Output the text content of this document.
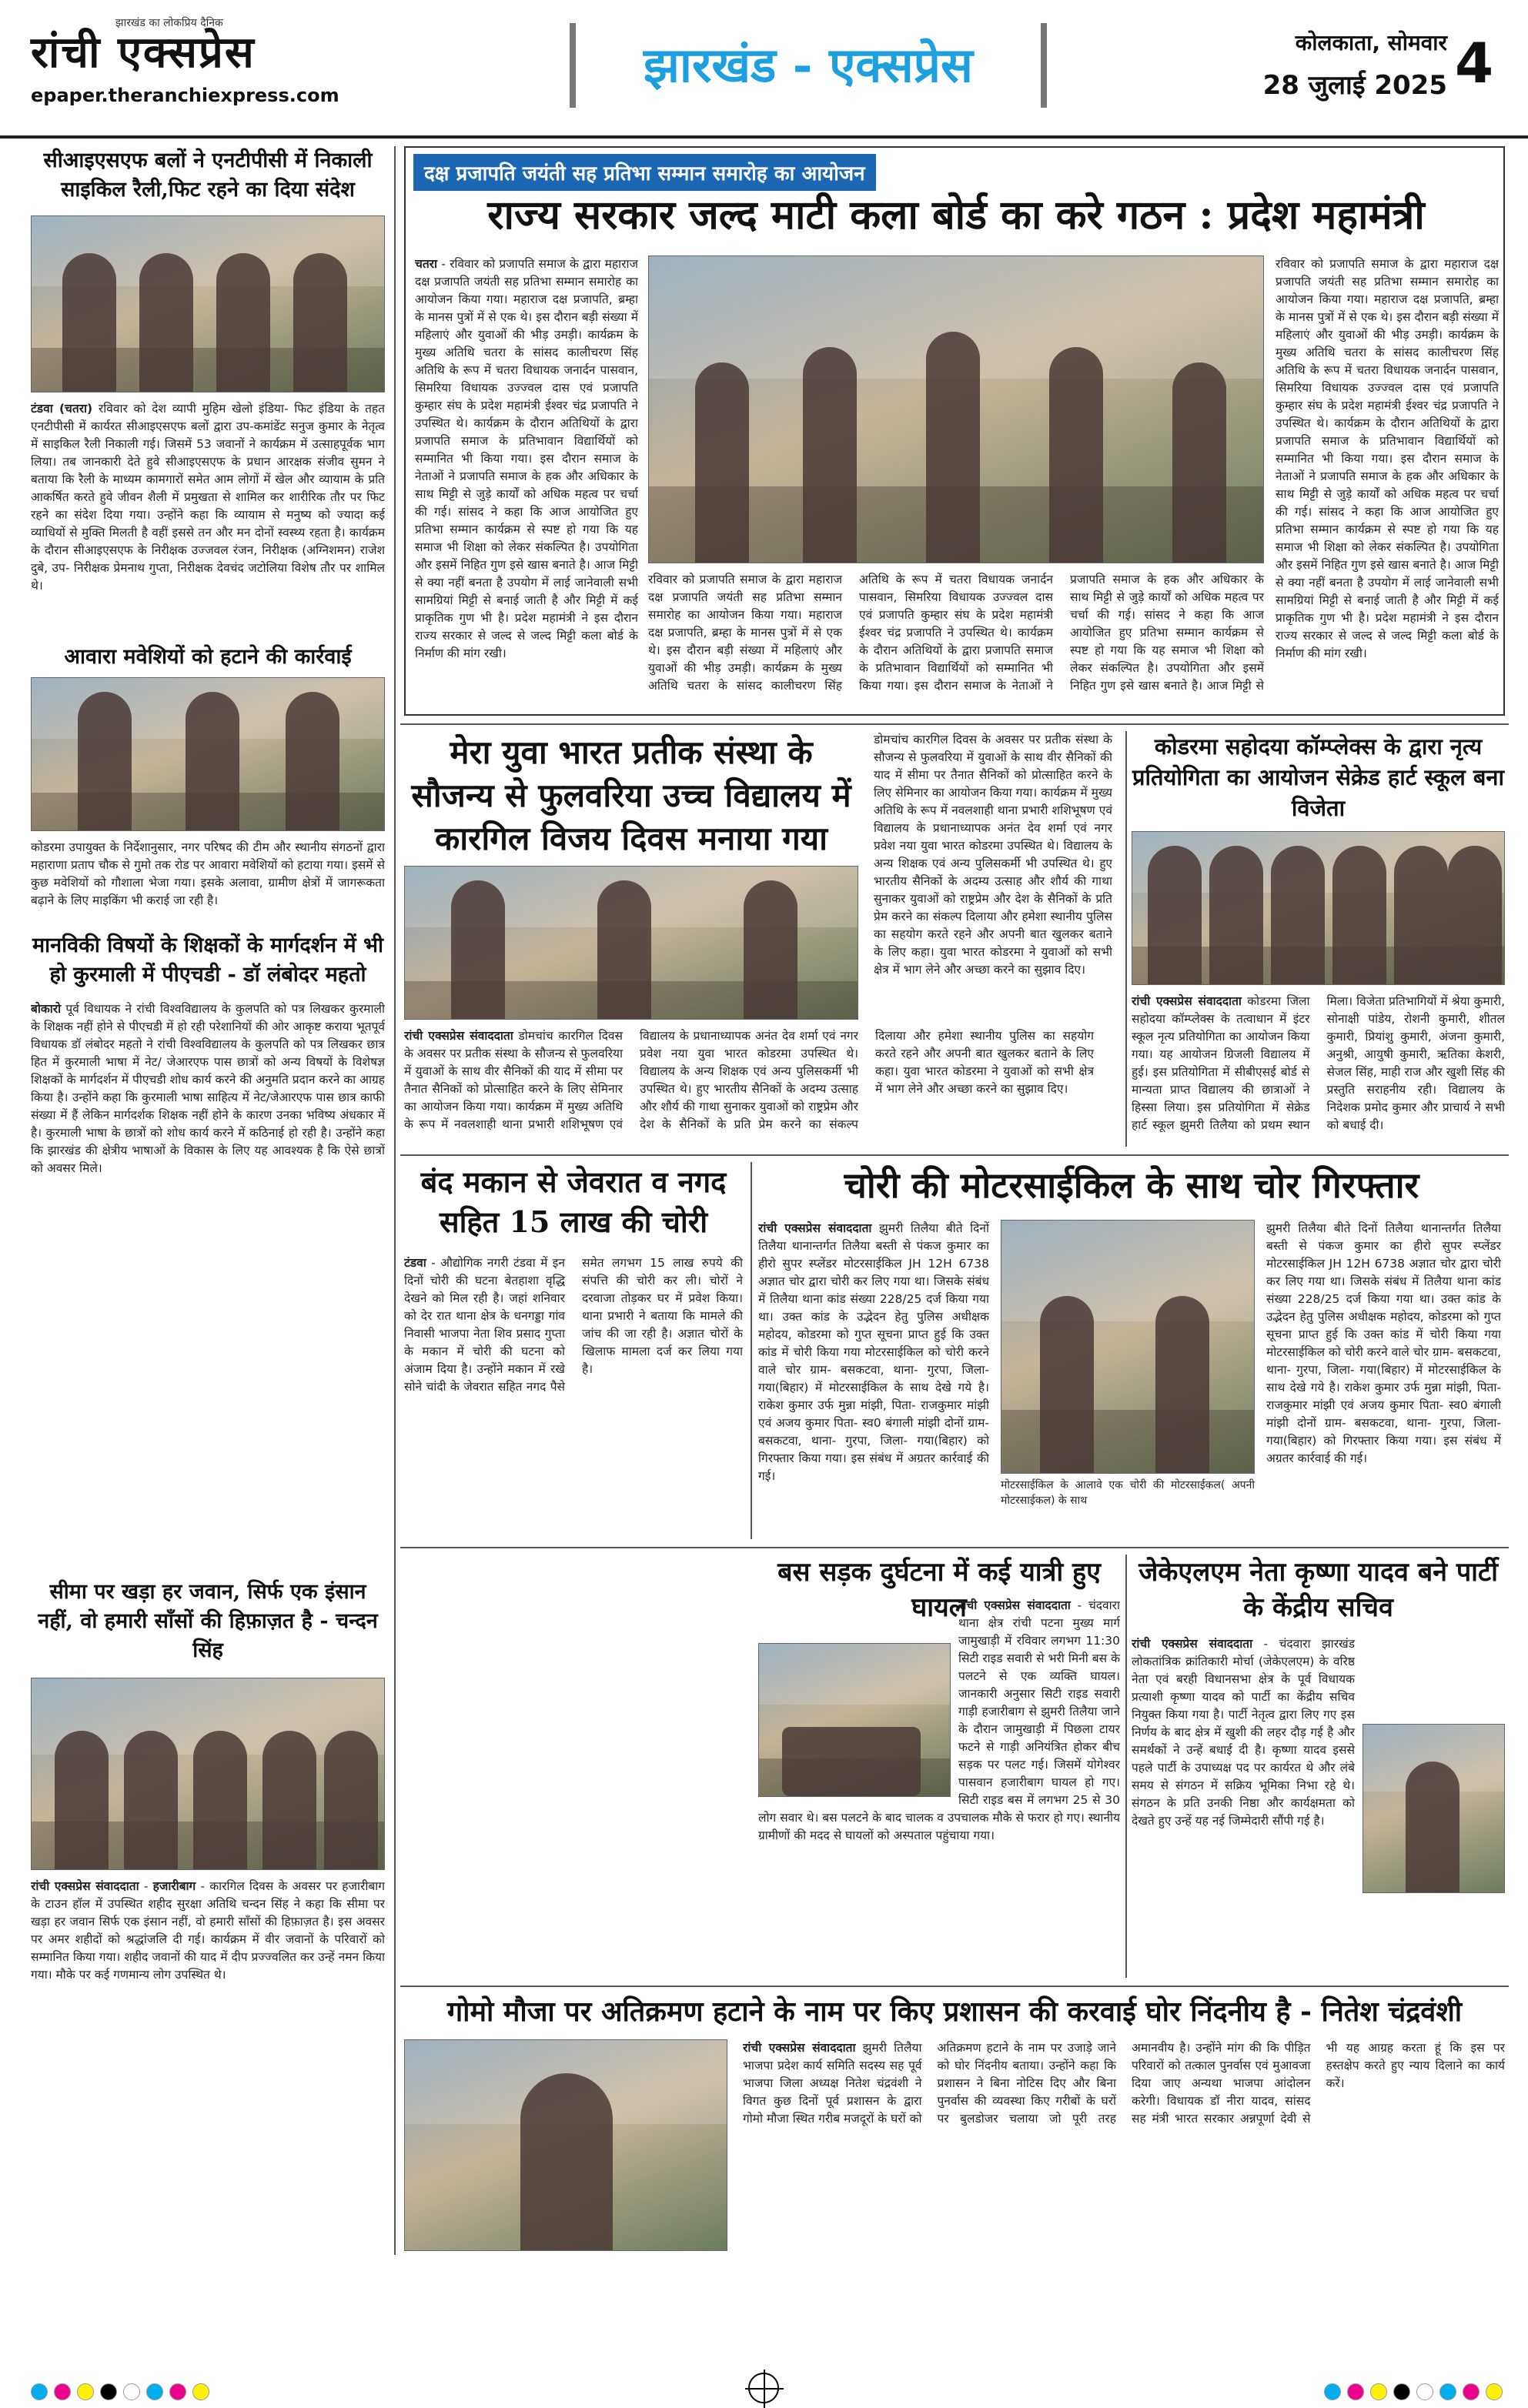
रांची एक्सप्रेस
झारखंड का लोकप्रिय दैनिक
epaper.theranchiexpress.com
झारखंड - एक्सप्रेस	कोलकाता, सोमवार
28 जुलाई 2025 4
सीआइएसएफ बलों ने एनटीपीसी में निकाली साइकिल रैली,फिट रहने का दिया संदेश
टंडवा (चतरा) रविवार को देश व्यापी मुहिम खेलो इंडिया- फिट इंडिया के तहत एनटीपीसी में कार्यरत सीआइएसएफ बलों द्वारा उप-कमांडेंट सनुज कुमार के नेतृत्व में साइकिल रैली निकाली गई। जिसमें 53 जवानों ने कार्यक्रम में उत्साहपूर्वक भाग लिया। तब जानकारी देते हुवे सीआइएसएफ के प्रधान आरक्षक संजीव सुमन ने बताया कि रैली के माध्यम कामगारों समेत आम लोगों में खेल और व्यायाम के प्रति आकर्षित करते हुवे जीवन शैली में प्रमुखता से शामिल कर शारीरिक तौर पर फिट रहने का संदेश दिया गया। उन्होंने कहा कि व्यायाम से मनुष्य को ज्यादा कई व्याधियों से मुक्ति मिलती है वहीं इससे तन और मन दोनों स्वस्थ्य रहता है। कार्यक्रम के दौरान सीआइएसएफ के निरीक्षक उज्जवल रंजन, निरीक्षक (अग्निशमन) राजेश दुबे, उप- निरीक्षक प्रेमनाथ गुप्ता, निरीक्षक देवचंद जटोलिया विशेष तौर पर शामिल थे।
आवारा मवेशियों को हटाने की कार्रवाई
कोडरमा उपायुक्त के निर्देशानुसार, नगर परिषद की टीम और स्थानीय संगठनों द्वारा महाराणा प्रताप चौक से गुमो तक रोड पर आवारा मवेशियों को हटाया गया। इसमें से कुछ मवेशियों को गौशाला भेजा गया। इसके अलावा, ग्रामीण क्षेत्रों में जागरूकता बढ़ाने के लिए माइकिंग भी कराई जा रही है।
मानविकी विषयों के शिक्षकों के मार्गदर्शन में भी हो कुरमाली में पीएचडी - डॉ लंबोदर महतो
बोकारो पूर्व विधायक ने रांची विश्वविद्यालय के कुलपति को पत्र लिखकर कुरमाली के शिक्षक नहीं होने से पीएचडी में हो रही परेशानियों की ओर आकृष्ट कराया भूतपूर्व विधायक डॉ लंबोदर महतो ने रांची विश्वविद्यालय के कुलपति को पत्र लिखकर छात्र हित में कुरमाली भाषा में नेट/ जेआरएफ पास छात्रों को अन्य विषयों के विशेषज्ञ शिक्षकों के मार्गदर्शन में पीएचडी शोध कार्य करने की अनुमति प्रदान करने का आग्रह किया है। उन्होंने कहा कि कुरमाली भाषा साहित्य में नेट/जेआरएफ पास छात्र काफी संख्या में हैं लेकिन मार्गदर्शक शिक्षक नहीं होने के कारण उनका भविष्य अंधकार में है। कुरमाली भाषा के छात्रों को शोध कार्य करने में कठिनाई हो रही है। उन्होंने कहा कि झारखंड की क्षेत्रीय भाषाओं के विकास के लिए यह आवश्यक है कि ऐसे छात्रों को अवसर मिले।
सीमा पर खड़ा हर जवान, सिर्फ एक इंसान नहीं, वो हमारी साँसों की हिफ़ाज़त है - चन्दन सिंह
रांची एक्सप्रेस संवाददाता - हजारीबाग - कारगिल दिवस के अवसर पर हजारीबाग के टाउन हॉल में उपस्थित शहीद सुरक्षा अतिथि चन्दन सिंह ने कहा कि सीमा पर खड़ा हर जवान सिर्फ एक इंसान नहीं, वो हमारी साँसों की हिफ़ाज़त है। इस अवसर पर अमर शहीदों को श्रद्धांजलि दी गई। कार्यक्रम में वीर जवानों के परिवारों को सम्मानित किया गया। शहीद जवानों की याद में दीप प्रज्ज्वलित कर उन्हें नमन किया गया। मौके पर कई गणमान्य लोग उपस्थित थे।
दक्ष प्रजापति जयंती सह प्रतिभा सम्मान समारोह का आयोजन
राज्य सरकार जल्द माटी कला बोर्ड का करे गठन : प्रदेश महामंत्री
चतरा - रविवार को प्रजापति समाज के द्वारा महाराज दक्ष प्रजापति जयंती सह प्रतिभा सम्मान समारोह का आयोजन किया गया। महाराज दक्ष प्रजापति, ब्रम्हा के मानस पुत्रों में से एक थे। इस दौरान बड़ी संख्या में महिलाएं और युवाओं की भीड़ उमड़ी। कार्यक्रम के मुख्य अतिथि चतरा के सांसद कालीचरण सिंह अतिथि के रूप में चतरा विधायक जनार्दन पासवान, सिमरिया विधायक उज्ज्वल दास एवं प्रजापति कुम्हार संघ के प्रदेश महामंत्री ईश्वर चंद्र प्रजापति ने उपस्थित थे। कार्यक्रम के दौरान अतिथियों के द्वारा प्रजापति समाज के प्रतिभावान विद्यार्थियों को सम्मानित भी किया गया। इस दौरान समाज के नेताओं ने प्रजापति समाज के हक और अधिकार के साथ मिट्टी से जुड़े कार्यों को अधिक महत्व पर चर्चा की गई। सांसद ने कहा कि आज आयोजित हुए प्रतिभा सम्मान कार्यक्रम से स्पष्ट हो गया कि यह समाज भी शिक्षा को लेकर संकल्पित है। उपयोगिता और इसमें निहित गुण इसे खास बनाते है। आज मिट्टी से क्या नहीं बनता है उपयोग में लाई जानेवाली सभी सामग्रियां मिट्टी से बनाई जाती है और मिट्टी में कई प्राकृतिक गुण भी है। प्रदेश महामंत्री ने इस दौरान राज्य सरकार से जल्द से जल्द मिट्टी कला बोर्ड के निर्माण की मांग रखी।
रविवार को प्रजापति समाज के द्वारा महाराज दक्ष प्रजापति जयंती सह प्रतिभा सम्मान समारोह का आयोजन किया गया। महाराज दक्ष प्रजापति, ब्रम्हा के मानस पुत्रों में से एक थे। इस दौरान बड़ी संख्या में महिलाएं और युवाओं की भीड़ उमड़ी। कार्यक्रम के मुख्य अतिथि चतरा के सांसद कालीचरण सिंह अतिथि के रूप में चतरा विधायक जनार्दन पासवान, सिमरिया विधायक उज्ज्वल दास एवं प्रजापति कुम्हार संघ के प्रदेश महामंत्री ईश्वर चंद्र प्रजापति ने उपस्थित थे। कार्यक्रम के दौरान अतिथियों के द्वारा प्रजापति समाज के प्रतिभावान विद्यार्थियों को सम्मानित भी किया गया। इस दौरान समाज के नेताओं ने प्रजापति समाज के हक और अधिकार के साथ मिट्टी से जुड़े कार्यों को अधिक महत्व पर चर्चा की गई। सांसद ने कहा कि आज आयोजित हुए प्रतिभा सम्मान कार्यक्रम से स्पष्ट हो गया कि यह समाज भी शिक्षा को लेकर संकल्पित है। उपयोगिता और इसमें निहित गुण इसे खास बनाते है। आज मिट्टी से क्या नहीं बनता है उपयोग में लाई जानेवाली सभी सामग्रियां मिट्टी से बनाई जाती है और मिट्टी में कई प्राकृतिक गुण भी है। प्रदेश महामंत्री ने इस दौरान राज्य सरकार से जल्द से जल्द मिट्टी कला बोर्ड के निर्माण की मांग रखी।
रविवार को प्रजापति समाज के द्वारा महाराज दक्ष प्रजापति जयंती सह प्रतिभा सम्मान समारोह का आयोजन किया गया। महाराज दक्ष प्रजापति, ब्रम्हा के मानस पुत्रों में से एक थे। इस दौरान बड़ी संख्या में महिलाएं और युवाओं की भीड़ उमड़ी। कार्यक्रम के मुख्य अतिथि चतरा के सांसद कालीचरण सिंह अतिथि के रूप में चतरा विधायक जनार्दन पासवान, सिमरिया विधायक उज्ज्वल दास एवं प्रजापति कुम्हार संघ के प्रदेश महामंत्री ईश्वर चंद्र प्रजापति ने उपस्थित थे। कार्यक्रम के दौरान अतिथियों के द्वारा प्रजापति समाज के प्रतिभावान विद्यार्थियों को सम्मानित भी किया गया। इस दौरान समाज के नेताओं ने प्रजापति समाज के हक और अधिकार के साथ मिट्टी से जुड़े कार्यों को अधिक महत्व पर चर्चा की गई। सांसद ने कहा कि आज आयोजित हुए प्रतिभा सम्मान कार्यक्रम से स्पष्ट हो गया कि यह समाज भी शिक्षा को लेकर संकल्पित है। उपयोगिता और इसमें निहित गुण इसे खास बनाते है। आज मिट्टी से
मेरा युवा भारत प्रतीक संस्था के सौजन्य से फुलवरिया उच्च विद्यालय में कारगिल विजय दिवस मनाया गया
रांची एक्सप्रेस संवाददाता डोमचांच कारगिल दिवस के अवसर पर प्रतीक संस्था के सौजन्य से फुलवरिया में युवाओं के साथ वीर सैनिकों की याद में सीमा पर तैनात सैनिकों को प्रोत्साहित करने के लिए सेमिनार का आयोजन किया गया। कार्यक्रम में मुख्य अतिथि के रूप में नवलशाही थाना प्रभारी शशिभूषण एवं विद्यालय के प्रधानाध्यापक अनंत देव शर्मा एवं नगर प्रवेश नया युवा भारत कोडरमा उपस्थित थे। विद्यालय के अन्य शिक्षक एवं अन्य पुलिसकर्मी भी उपस्थित थे। हुए भारतीय सैनिकों के अदम्य उत्साह और शौर्य की गाथा सुनाकर युवाओं को राष्ट्रप्रेम और देश के सैनिकों के प्रति प्रेम करने का संकल्प दिलाया और हमेशा स्थानीय पुलिस का सहयोग करते रहने और अपनी बात खुलकर बताने के लिए कहा। युवा भारत कोडरमा ने युवाओं को सभी क्षेत्र में भाग लेने और अच्छा करने का सुझाव दिए।
डोमचांच कारगिल दिवस के अवसर पर प्रतीक संस्था के सौजन्य से फुलवरिया में युवाओं के साथ वीर सैनिकों की याद में सीमा पर तैनात सैनिकों को प्रोत्साहित करने के लिए सेमिनार का आयोजन किया गया। कार्यक्रम में मुख्य अतिथि के रूप में नवलशाही थाना प्रभारी शशिभूषण एवं विद्यालय के प्रधानाध्यापक अनंत देव शर्मा एवं नगर प्रवेश नया युवा भारत कोडरमा उपस्थित थे। विद्यालय के अन्य शिक्षक एवं अन्य पुलिसकर्मी भी उपस्थित थे। हुए भारतीय सैनिकों के अदम्य उत्साह और शौर्य की गाथा सुनाकर युवाओं को राष्ट्रप्रेम और देश के सैनिकों के प्रति प्रेम करने का संकल्प दिलाया और हमेशा स्थानीय पुलिस का सहयोग करते रहने और अपनी बात खुलकर बताने के लिए कहा। युवा भारत कोडरमा ने युवाओं को सभी क्षेत्र में भाग लेने और अच्छा करने का सुझाव दिए।
कोडरमा सहोदया कॉम्प्लेक्स के द्वारा नृत्य प्रतियोगिता का आयोजन सेक्रेड हार्ट स्कूल बना विजेता
रांची एक्सप्रेस संवाददाता कोडरमा जिला सहोदया कॉम्प्लेक्स के तत्वाधान में इंटर स्कूल नृत्य प्रतियोगिता का आयोजन किया गया। यह आयोजन ग्रिजली विद्यालय में हुई। इस प्रतियोगिता में सीबीएसई बोर्ड से मान्यता प्राप्त विद्यालय की छात्राओं ने हिस्सा लिया। इस प्रतियोगिता में सेक्रेड हार्ट स्कूल झुमरी तिलैया को प्रथम स्थान मिला। विजेता प्रतिभागियों में श्रेया कुमारी, सोनाक्षी पांडेय, रोशनी कुमारी, शीतल कुमारी, प्रियांशु कुमारी, अंजना कुमारी, अनुश्री, आयुषी कुमारी, ऋतिका केशरी, सेजल सिंह, माही राज और खुशी सिंह की प्रस्तुति सराहनीय रही। विद्यालय के निदेशक प्रमोद कुमार और प्राचार्य ने सभी को बधाई दी।
बंद मकान से जेवरात व नगद सहित 15 लाख की चोरी
टंडवा - औद्योगिक नगरी टंडवा में इन दिनों चोरी की घटना बेतहाशा वृद्धि देखने को मिल रही है। जहां शनिवार को देर रात थाना क्षेत्र के धनगड्डा गांव निवासी भाजपा नेता शिव प्रसाद गुप्ता के मकान में चोरी की घटना को अंजाम दिया है। उन्होंने मकान में रखे सोने चांदी के जेवरात सहित नगद पैसे समेत लगभग 15 लाख रुपये की संपत्ति की चोरी कर ली। चोरों ने दरवाजा तोड़कर घर में प्रवेश किया। थाना प्रभारी ने बताया कि मामले की जांच की जा रही है। अज्ञात चोरों के खिलाफ मामला दर्ज कर लिया गया है।
चोरी की मोटरसाईकिल के साथ चोर गिरफ्तार
रांची एक्सप्रेस संवाददाता झुमरी तिलैया बीते दिनों तिलैया थानान्तर्गत तिलैया बस्ती से पंकज कुमार का हीरो सुपर स्प्लेंडर मोटरसाईकिल JH 12H 6738 अज्ञात चोर द्वारा चोरी कर लिए गया था। जिसके संबंध में तिलैया थाना कांड संख्या 228/25 दर्ज किया गया था। उक्त कांड के उद्भेदन हेतु पुलिस अधीक्षक महोदय, कोडरमा को गुप्त सूचना प्राप्त हुई कि उक्त कांड में चोरी किया गया मोटरसाईकिल को चोरी करने वाले चोर ग्राम- बसकटवा, थाना- गुरपा, जिला- गया(बिहार) में मोटरसाईकिल के साथ देखे गये है। राकेश कुमार उर्फ मुन्ना मांझी, पिता- राजकुमार मांझी एवं अजय कुमार पिता- स्व0 बंगाली मांझी दोनों ग्राम- बसकटवा, थाना- गुरपा, जिला- गया(बिहार) को गिरफ्तार किया गया। इस संबंध में अग्रतर कार्रवाई की गई।
मोटरसाईकिल के आलावे एक चोरी की मोटरसाईकल( अपनी मोटरसाईकल) के साथ
झुमरी तिलैया बीते दिनों तिलैया थानान्तर्गत तिलैया बस्ती से पंकज कुमार का हीरो सुपर स्प्लेंडर मोटरसाईकिल JH 12H 6738 अज्ञात चोर द्वारा चोरी कर लिए गया था। जिसके संबंध में तिलैया थाना कांड संख्या 228/25 दर्ज किया गया था। उक्त कांड के उद्भेदन हेतु पुलिस अधीक्षक महोदय, कोडरमा को गुप्त सूचना प्राप्त हुई कि उक्त कांड में चोरी किया गया मोटरसाईकिल को चोरी करने वाले चोर ग्राम- बसकटवा, थाना- गुरपा, जिला- गया(बिहार) में मोटरसाईकिल के साथ देखे गये है। राकेश कुमार उर्फ मुन्ना मांझी, पिता- राजकुमार मांझी एवं अजय कुमार पिता- स्व0 बंगाली मांझी दोनों ग्राम- बसकटवा, थाना- गुरपा, जिला- गया(बिहार) को गिरफ्तार किया गया। इस संबंध में अग्रतर कार्रवाई की गई।
बस सड़क दुर्घटना में कई यात्री हुए घायल
रांची एक्सप्रेस संवाददाता - चंदवारा थाना क्षेत्र रांची पटना मुख्य मार्ग जामुखाड़ी में रविवार लगभग 11:30 सिटी राइड सवारी से भरी मिनी बस के पलटने से एक व्यक्ति घायल। जानकारी अनुसार सिटी राइड सवारी गाड़ी हजारीबाग से झुमरी तिलैया जाने के दौरान जामुखाड़ी में पिछला टायर फटने से गाड़ी अनियंत्रित होकर बीच सड़क पर पलट गई। जिसमें योगेश्वर पासवान हजारीबाग घायल हो गए। सिटी राइड बस में लगभग 25 से 30 लोग सवार थे। बस पलटने के बाद चालक व उपचालक मौके से फरार हो गए। स्थानीय ग्रामीणों की मदद से घायलों को अस्पताल पहुंचाया गया।
जेकेएलएम नेता कृष्णा यादव बने पार्टी के केंद्रीय सचिव
रांची एक्सप्रेस संवाददाता - चंदवारा झारखंड लोकतांत्रिक क्रांतिकारी मोर्चा (जेकेएलएम) के वरिष्ठ नेता एवं बरही विधानसभा क्षेत्र के पूर्व विधायक प्रत्याशी कृष्णा यादव को पार्टी का केंद्रीय सचिव नियुक्त किया गया है। पार्टी नेतृत्व द्वारा लिए गए इस निर्णय के बाद क्षेत्र में खुशी की लहर दौड़ गई है और समर्थकों ने उन्हें बधाई दी है। कृष्णा यादव इससे पहले पार्टी के उपाध्यक्ष पद पर कार्यरत थे और लंबे समय से संगठन में सक्रिय भूमिका निभा रहे थे। संगठन के प्रति उनकी निष्ठा और कार्यक्षमता को देखते हुए उन्हें यह नई जिम्मेदारी सौंपी गई है।
गोमो मौजा पर अतिक्रमण हटाने के नाम पर किए प्रशासन की करवाई घोर निंदनीय है - नितेश चंद्रवंशी
रांची एक्सप्रेस संवाददाता झुमरी तिलैया भाजपा प्रदेश कार्य समिति सदस्य सह पूर्व भाजपा जिला अध्यक्ष नितेश चंद्रवंशी ने विगत कुछ दिनों पूर्व प्रशासन के द्वारा गोमो मौजा स्थित गरीब मजदूरों के घरों को अतिक्रमण हटाने के नाम पर उजाड़े जाने को घोर निंदनीय बताया। उन्होंने कहा कि प्रशासन ने बिना नोटिस दिए और बिना पुनर्वास की व्यवस्था किए गरीबों के घरों पर बुलडोजर चलाया जो पूरी तरह अमानवीय है। उन्होंने मांग की कि पीड़ित परिवारों को तत्काल पुनर्वास एवं मुआवजा दिया जाए अन्यथा भाजपा आंदोलन करेगी। विधायक डॉ नीरा यादव, सांसद सह मंत्री भारत सरकार अन्नपूर्णा देवी से भी यह आग्रह करता हूं कि इस पर हस्तक्षेप करते हुए न्याय दिलाने का कार्य करें।
